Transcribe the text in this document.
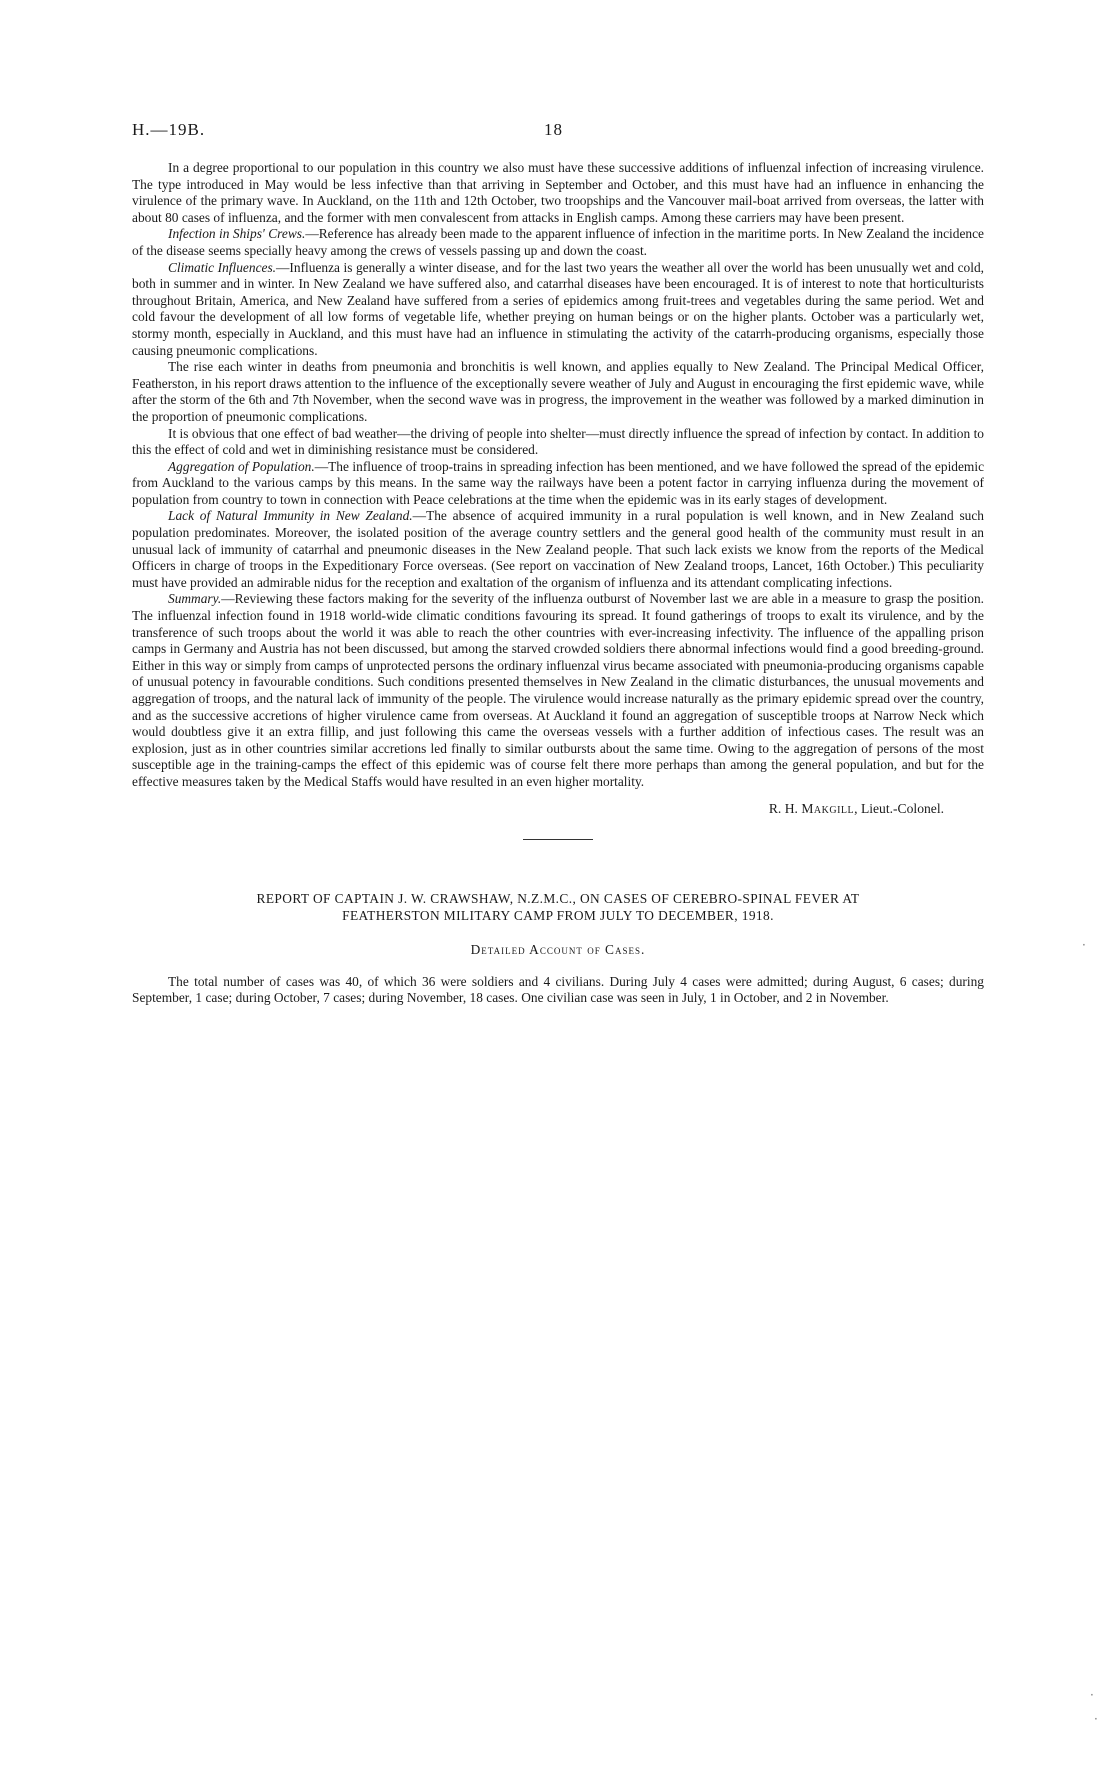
H.—19B.	18

In a degree proportional to our population in this country we also must have these successive additions of influenzal infection of increasing virulence. The type introduced in May would be less infective than that arriving in September and October, and this must have had an influence in enhancing the virulence of the primary wave. In Auckland, on the 11th and 12th October, two troopships and the Vancouver mail-boat arrived from overseas, the latter with about 80 cases of influenza, and the former with men convalescent from attacks in English camps. Among these carriers may have been present.

Infection in Ships' Crews.—Reference has already been made to the apparent influence of infection in the maritime ports. In New Zealand the incidence of the disease seems specially heavy among the crews of vessels passing up and down the coast.

Climatic Influences.—Influenza is generally a winter disease, and for the last two years the weather all over the world has been unusually wet and cold, both in summer and in winter. In New Zealand we have suffered also, and catarrhal diseases have been encouraged. It is of interest to note that horticulturists throughout Britain, America, and New Zealand have suffered from a series of epidemics among fruit-trees and vegetables during the same period. Wet and cold favour the development of all low forms of vegetable life, whether preying on human beings or on the higher plants. October was a particularly wet, stormy month, especially in Auckland, and this must have had an influence in stimulating the activity of the catarrh-producing organisms, especially those causing pneumonic complications.

The rise each winter in deaths from pneumonia and bronchitis is well known, and applies equally to New Zealand. The Principal Medical Officer, Featherston, in his report draws attention to the influence of the exceptionally severe weather of July and August in encouraging the first epidemic wave, while after the storm of the 6th and 7th November, when the second wave was in progress, the improvement in the weather was followed by a marked diminution in the proportion of pneumonic complications.

It is obvious that one effect of bad weather—the driving of people into shelter—must directly influence the spread of infection by contact. In addition to this the effect of cold and wet in diminishing resistance must be considered.

Aggregation of Population.—The influence of troop-trains in spreading infection has been mentioned, and we have followed the spread of the epidemic from Auckland to the various camps by this means. In the same way the railways have been a potent factor in carrying influenza during the movement of population from country to town in connection with Peace celebrations at the time when the epidemic was in its early stages of development.

Lack of Natural Immunity in New Zealand.—The absence of acquired immunity in a rural population is well known, and in New Zealand such population predominates. Moreover, the isolated position of the average country settlers and the general good health of the community must result in an unusual lack of immunity of catarrhal and pneumonic diseases in the New Zealand people. That such lack exists we know from the reports of the Medical Officers in charge of troops in the Expeditionary Force overseas. (See report on vaccination of New Zealand troops, Lancet, 16th October.) This peculiarity must have provided an admirable nidus for the reception and exaltation of the organism of influenza and its attendant complicating infections.

Summary.—Reviewing these factors making for the severity of the influenza outburst of November last we are able in a measure to grasp the position. The influenzal infection found in 1918 world-wide climatic conditions favouring its spread. It found gatherings of troops to exalt its virulence, and by the transference of such troops about the world it was able to reach the other countries with ever-increasing infectivity. The influence of the appalling prison camps in Germany and Austria has not been discussed, but among the starved crowded soldiers there abnormal infections would find a good breeding-ground. Either in this way or simply from camps of unprotected persons the ordinary influenzal virus became associated with pneumonia-producing organisms capable of unusual potency in favourable conditions. Such conditions presented themselves in New Zealand in the climatic disturbances, the unusual movements and aggregation of troops, and the natural lack of immunity of the people. The virulence would increase naturally as the primary epidemic spread over the country, and as the successive accretions of higher virulence came from overseas. At Auckland it found an aggregation of susceptible troops at Narrow Neck which would doubtless give it an extra fillip, and just following this came the overseas vessels with a further addition of infectious cases. The result was an explosion, just as in other countries similar accretions led finally to similar outbursts about the same time. Owing to the aggregation of persons of the most susceptible age in the training-camps the effect of this epidemic was of course felt there more perhaps than among the general population, and but for the effective measures taken by the Medical Staffs would have resulted in an even higher mortality.

R. H. Makgill, Lieut.-Colonel.
REPORT OF CAPTAIN J. W. CRAWSHAW, N.Z.M.C., ON CASES OF CEREBRO-SPINAL FEVER AT
FEATHERSTON MILITARY CAMP FROM JULY TO DECEMBER, 1918.
Detailed Account of Cases.

The total number of cases was 40, of which 36 were soldiers and 4 civilians. During July 4 cases were admitted; during August, 6 cases; during September, 1 case; during October, 7 cases; during November, 18 cases. One civilian case was seen in July, 1 in October, and 2 in November.

·
·
·
